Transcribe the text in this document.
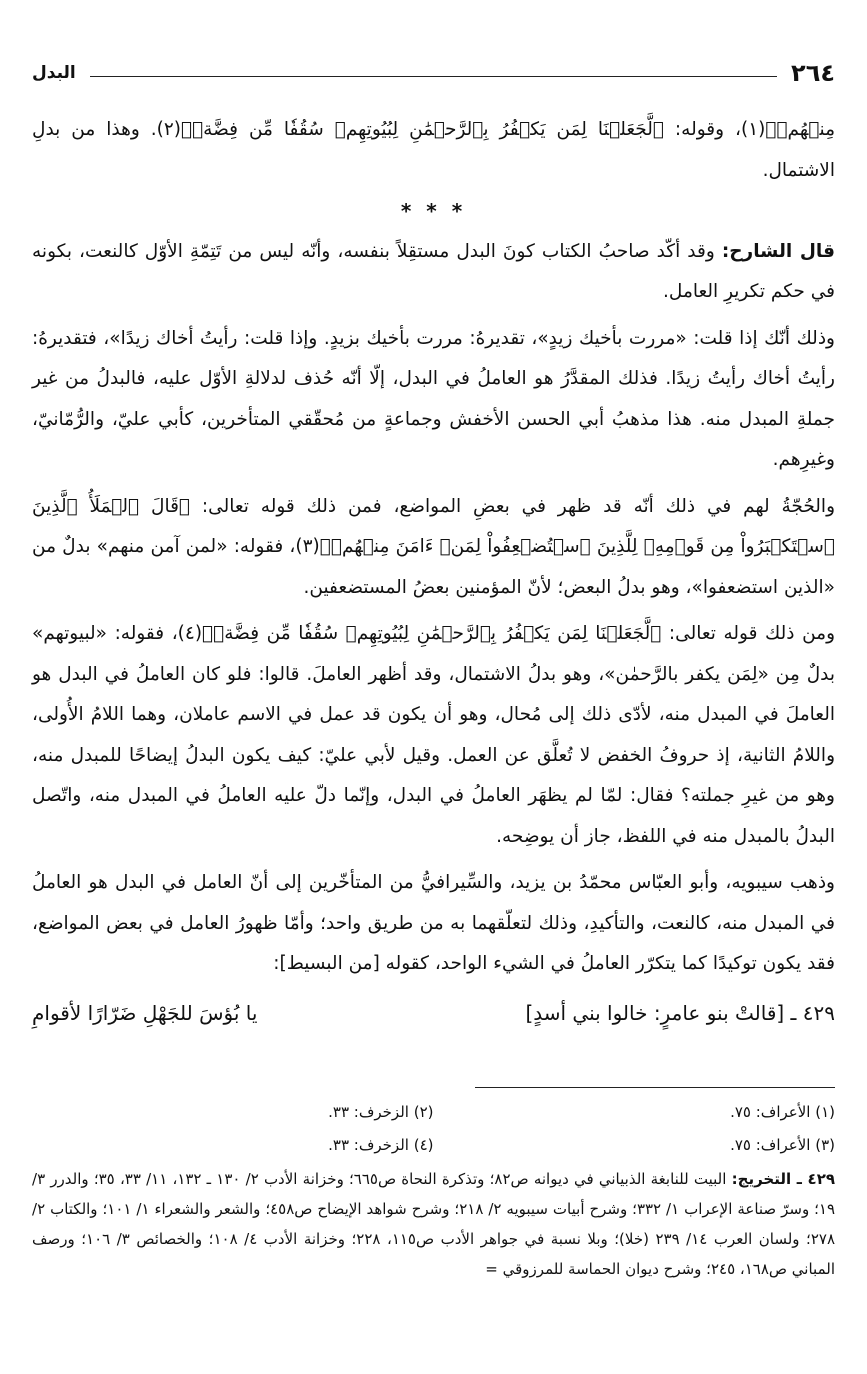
٢٦٤
البدل

مِنۡهُمۡ﴾(١)، وقوله: ﴿لَّجَعَلۡنَا لِمَن يَكۡفُرُ بِٱلرَّحۡمَٰنِ لِبُيُوتِهِمۡ سُقُفٗا مِّن فِضَّةٖ﴾(٢). وهذا من بدلِ الاشتمال.

* * *

قال الشارح: وقد أكّد صاحبُ الكتاب كونَ البدل مستقِلاً بنفسه، وأنّه ليس من تَتِمّةِ الأوّل كالنعت، بكونه في حكم تكريرِ العامل.

وذلك أنّك إذا قلت: «مررت بأخيك زيدٍ»، تقديرهُ: مررت بأخيك بزيدٍ. وإذا قلت: رأيتُ أخاك زيدًا»، فتقديرهُ: رأيتُ أخاك رأيتُ زيدًا. فذلك المقدَّرُ هو العاملُ في البدل، إلّا أنّه حُذف لدلالةِ الأوّل عليه، فالبدلُ من غير جملةِ المبدل منه. هذا مذهبُ أبي الحسن الأخفش وجماعةٍ من مُحقّقي المتأخرين، كأبي عليّ، والرُّمّانيّ، وغيرِهم.

والحُجّةُ لهم في ذلك أنّه قد ظهر في بعضِ المواضع، فمن ذلك قوله تعالى: ﴿قَالَ ٱلۡمَلَأُ ٱلَّذِينَ ٱسۡتَكۡبَرُواْ مِن قَوۡمِهِۦ لِلَّذِينَ ٱسۡتُضۡعِفُواْ لِمَنۡ ءَامَنَ مِنۡهُمۡ﴾(٣)، فقوله: «لمن آمن منهم» بدلٌ من «الذين استضعفوا»، وهو بدلُ البعض؛ لأنّ المؤمنين بعضُ المستضعفين.

ومن ذلك قوله تعالى: ﴿لَّجَعَلۡنَا لِمَن يَكۡفُرُ بِٱلرَّحۡمَٰنِ لِبُيُوتِهِمۡ سُقُفٗا مِّن فِضَّةٖ﴾(٤)، فقوله: «لبيوتهم» بدلٌ مِن «لِمَن يكفر بالرَّحمٰن»، وهو بدلُ الاشتمال، وقد أظهر العاملَ. قالوا: فلو كان العاملُ في البدل هو العاملَ في المبدل منه، لأدّى ذلك إلى مُحال، وهو أن يكون قد عمل في الاسم عاملان، وهما اللامُ الأُولى، واللامُ الثانية، إذ حروفُ الخفض لا تُعلَّق عن العمل. وقيل لأبي عليّ: كيف يكون البدلُ إيضاحًا للمبدل منه، وهو من غيرِ جملته؟ فقال: لمّا لم يظهَر العاملُ في البدل، وإنّما دلّ عليه العاملُ في المبدل منه، واتّصل البدلُ بالمبدل منه في اللفظ، جاز أن يوضِحه.

وذهب سيبويه، وأبو العبّاس محمّدُ بن يزيد، والسِّيرافيُّ من المتأخّرين إلى أنّ العامل في البدل هو العاملُ في المبدل منه، كالنعت، والتأكيدِ، وذلك لتعلّقهما به من طريق واحد؛ وأمّا ظهورُ العامل في بعض المواضع، فقد يكون توكيدًا كما يتكرّر العاملُ في الشيء الواحد، كقوله [من البسيط]:

٤٢٩ ـ [قالتْ بنو عامرٍ: خالوا بني أسدٍ]
يا بُؤسَ للجَهْلِ ضَرّارًا لأقوامِ

(١) الأعراف: ٧٥.
(٢) الزخرف: ٣٣.
(٣) الأعراف: ٧٥.
(٤) الزخرف: ٣٣.

٤٢٩ ـ التخريج: البيت للنابغة الذبياني في ديوانه ص٨٢؛ وتذكرة النحاة ص٦٦٥؛ وخزانة الأدب ٢/ ١٣٠ ـ ١٣٢، ١١/ ٣٣، ٣٥؛ والدرر ٣/ ١٩؛ وسرّ صناعة الإعراب ١/ ٣٣٢؛ وشرح أبيات سيبويه ٢/ ٢١٨؛ وشرح شواهد الإيضاح ص٤٥٨؛ والشعر والشعراء ١/ ١٠١؛ والكتاب ٢/ ٢٧٨؛ ولسان العرب ١٤/ ٢٣٩ (خلا)؛ وبلا نسبة في جواهر الأدب ص١١٥، ٢٢٨؛ وخزانة الأدب ٤/ ١٠٨؛ والخصائص ٣/ ١٠٦؛ ورصف المباني ص١٦٨، ٢٤٥؛ وشرح ديوان الحماسة للمرزوقي =
